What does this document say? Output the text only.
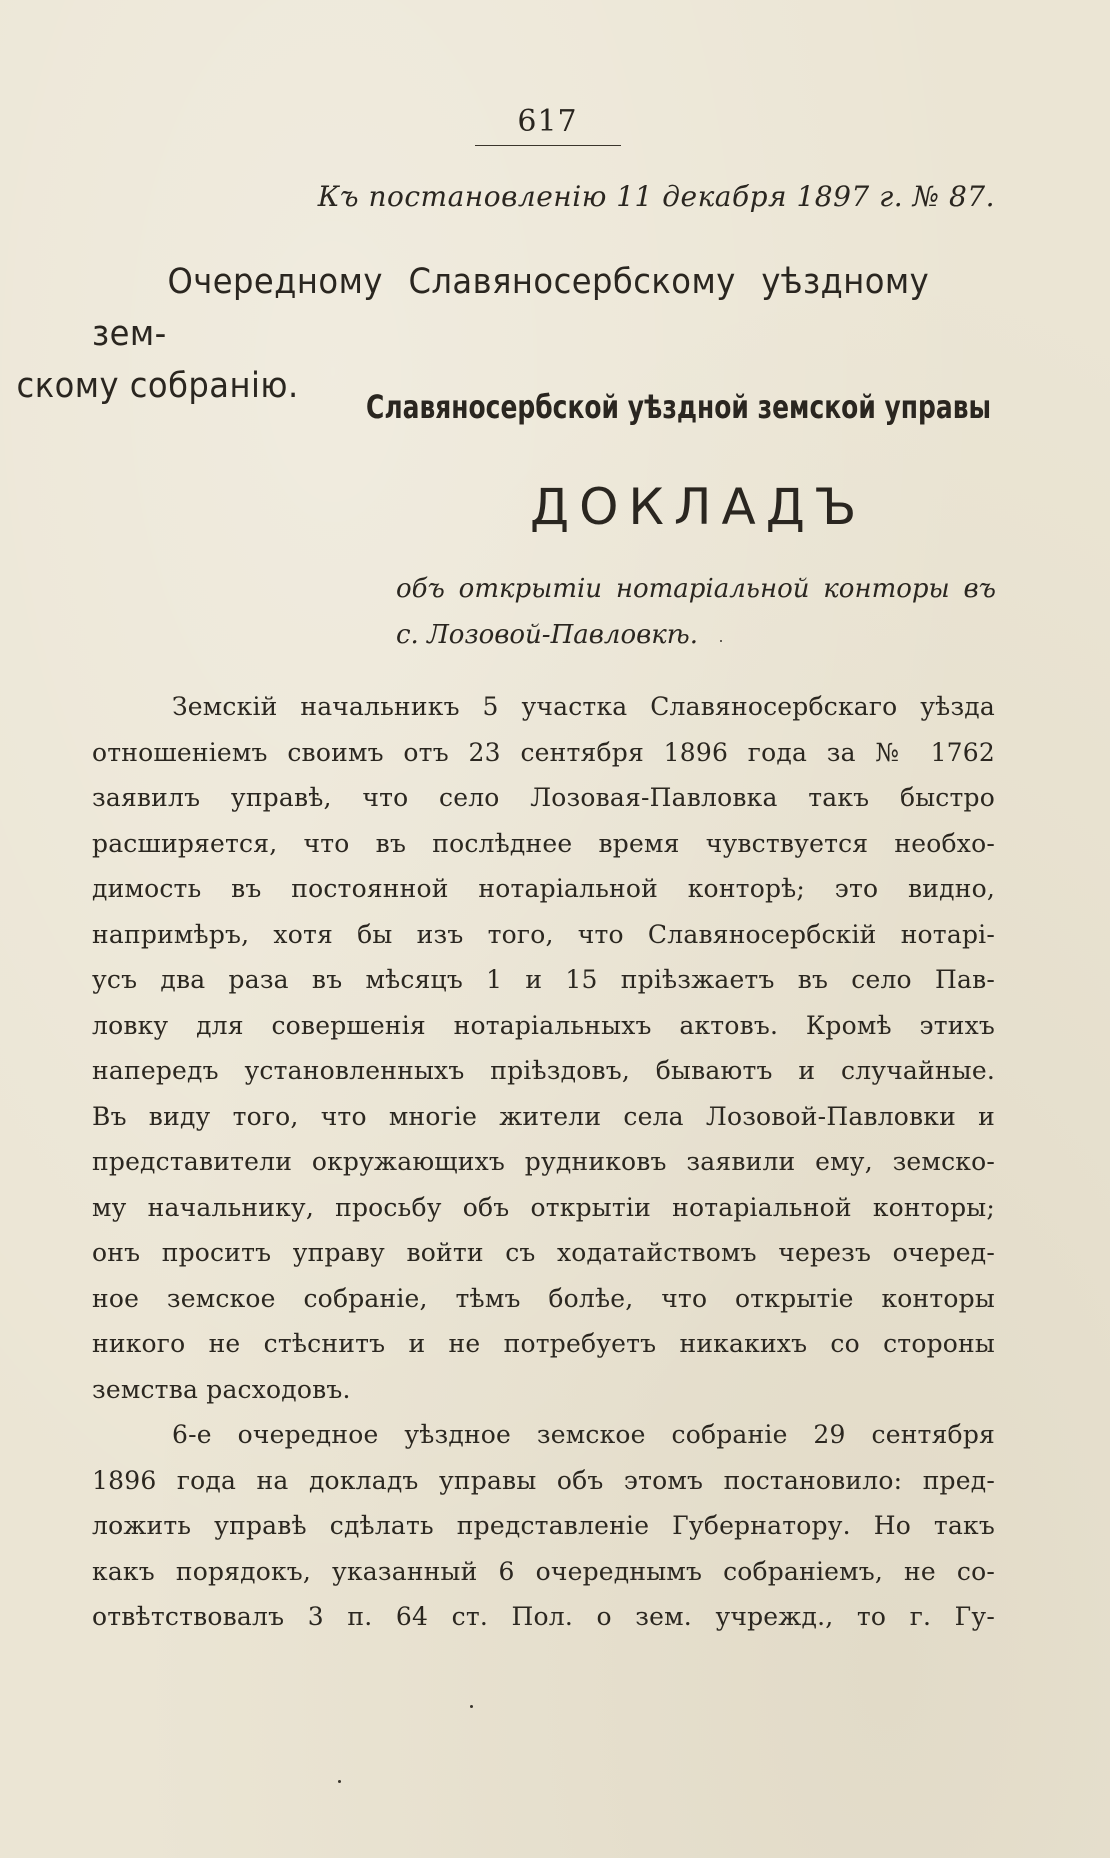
617
Къ постановленію 11 декабря 1897 г. № 87.
Очередному Славяносербскому уѣздному зем-
скому собранію.
Славяносербской уѣздной земской управы
ДОКЛАДЪ
объ открытіи нотаріальной конторы въ
с. Лозовой-Павловкѣ.
Земскій начальникъ 5 участка Славяносербскаго уѣзда
отношеніемъ своимъ отъ 23 сентября 1896 года за № 1762
заявилъ управѣ, что село Лозовая-Павловка такъ быстро
расширяется, что въ послѣднее время чувствуется необхо-
димость въ постоянной нотаріальной конторѣ; это видно,
напримѣръ, хотя бы изъ того, что Славяносербскій нотарі-
усъ два раза въ мѣсяцъ 1 и 15 пріѣзжаетъ въ село Пав-
ловку для совершенія нотаріальныхъ актовъ. Кромѣ этихъ
напередъ установленныхъ пріѣздовъ, бываютъ и случайные.
Въ виду того, что многіе жители села Лозовой-Павловки и
представители окружающихъ рудниковъ заявили ему, земско-
му начальнику, просьбу объ открытіи нотаріальной конторы;
онъ проситъ управу войти съ ходатайствомъ черезъ очеред-
ное земское собраніе, тѣмъ болѣе, что открытіе конторы
никого не стѣснитъ и не потребуетъ никакихъ со стороны
земства расходовъ.
6-е очередное уѣздное земское собраніе 29 сентября
1896 года на докладъ управы объ этомъ постановило: пред-
ложить управѣ сдѣлать представленіе Губернатору. Но такъ
какъ порядокъ, указанный 6 очереднымъ собраніемъ, не со-
отвѣтствовалъ 3 п. 64 ст. Пол. о зем. учрежд., то г. Гу-
